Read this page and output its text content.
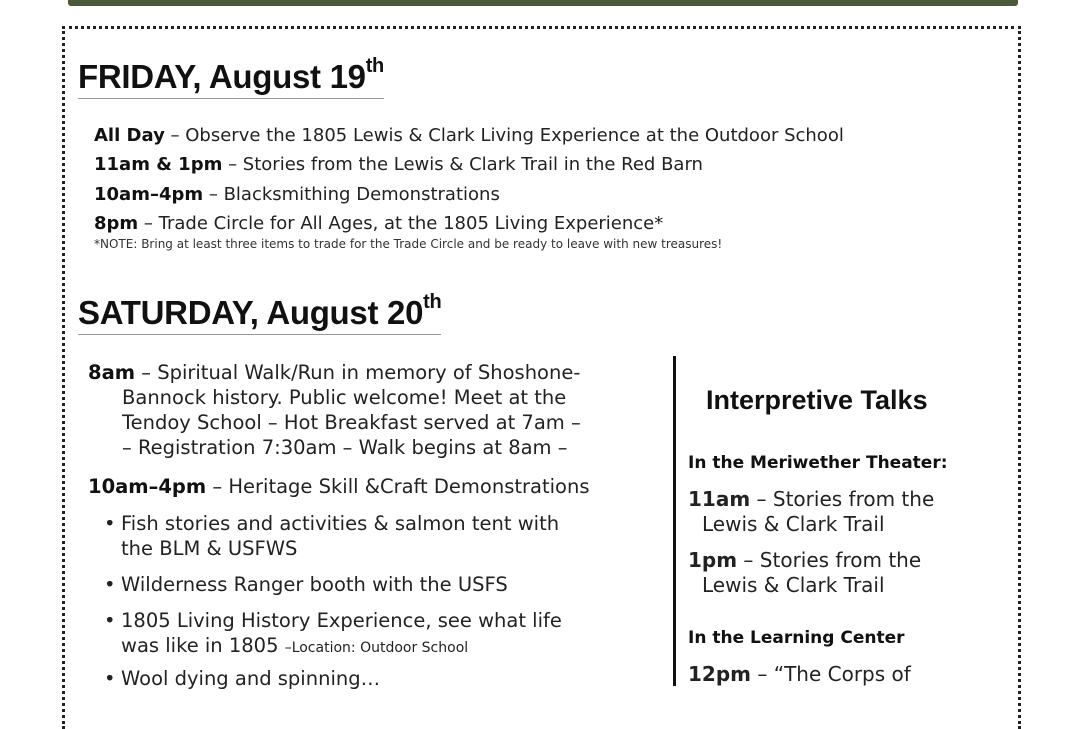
FRIDAY, August 19th
All Day – Observe the 1805 Lewis & Clark Living Experience at the Outdoor School
11am & 1pm – Stories from the Lewis & Clark Trail in the Red Barn
10am–4pm – Blacksmithing Demonstrations
8pm – Trade Circle for All Ages, at the 1805 Living Experience*
*NOTE: Bring at least three items to trade for the Trade Circle and be ready to leave with new treasures!
SATURDAY, August 20th
8am – Spiritual Walk/Run in memory of Shoshone-
Bannock history. Public welcome! Meet at the
Tendoy School – Hot Breakfast served at 7am –
– Registration 7:30am – Walk begins at 8am –
10am–4pm – Heritage Skill &Craft Demonstrations
• Fish stories and activities & salmon tent with
the BLM & USFWS
• Wilderness Ranger booth with the USFS
• 1805 Living History Experience, see what life
was like in 1805 –Location: Outdoor School
• Wool dying and spinning…
Interpretive Talks
In the Meriwether Theater:
11am – Stories from the
Lewis & Clark Trail
1pm – Stories from the
Lewis & Clark Trail
In the Learning Center
12pm – “The Corps of
